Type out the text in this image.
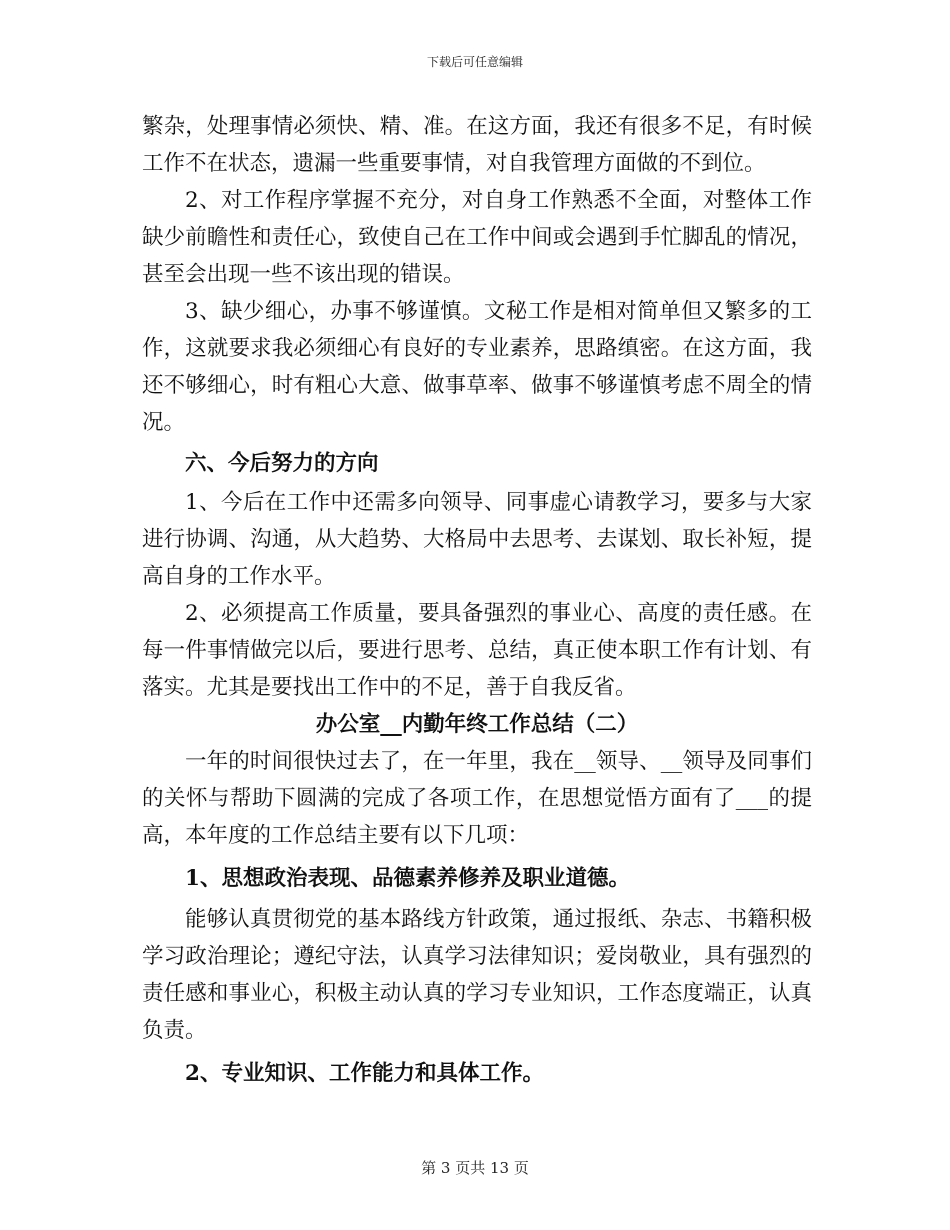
下载后可任意编辑

繁杂，处理事情必须快、精、准。在这方面，我还有很多不足，有时候工作不在状态，遗漏一些重要事情，对自我管理方面做的不到位。

2、对工作程序掌握不充分，对自身工作熟悉不全面，对整体工作缺少前瞻性和责任心，致使自己在工作中间或会遇到手忙脚乱的情况，甚至会出现一些不该出现的错误。

3、缺少细心，办事不够谨慎。文秘工作是相对简单但又繁多的工作，这就要求我必须细心有良好的专业素养，思路缜密。在这方面，我还不够细心，时有粗心大意、做事草率、做事不够谨慎考虑不周全的情况。

六、今后努力的方向

1、今后在工作中还需多向领导、同事虚心请教学习，要多与大家进行协调、沟通，从大趋势、大格局中去思考、去谋划、取长补短，提高自身的工作水平。

2、必须提高工作质量，要具备强烈的事业心、高度的责任感。在每一件事情做完以后，要进行思考、总结，真正使本职工作有计划、有落实。尤其是要找出工作中的不足，善于自我反省。

办公室__内勤年终工作总结（二）

一年的时间很快过去了，在一年里，我在__领导、__领导及同事们的关怀与帮助下圆满的完成了各项工作，在思想觉悟方面有了___的提高，本年度的工作总结主要有以下几项：

1、思想政治表现、品德素养修养及职业道德。

能够认真贯彻党的基本路线方针政策，通过报纸、杂志、书籍积极学习政治理论；遵纪守法，认真学习法律知识；爱岗敬业，具有强烈的责任感和事业心，积极主动认真的学习专业知识，工作态度端正，认真负责。

2、专业知识、工作能力和具体工作。

第 3 页共 13 页
